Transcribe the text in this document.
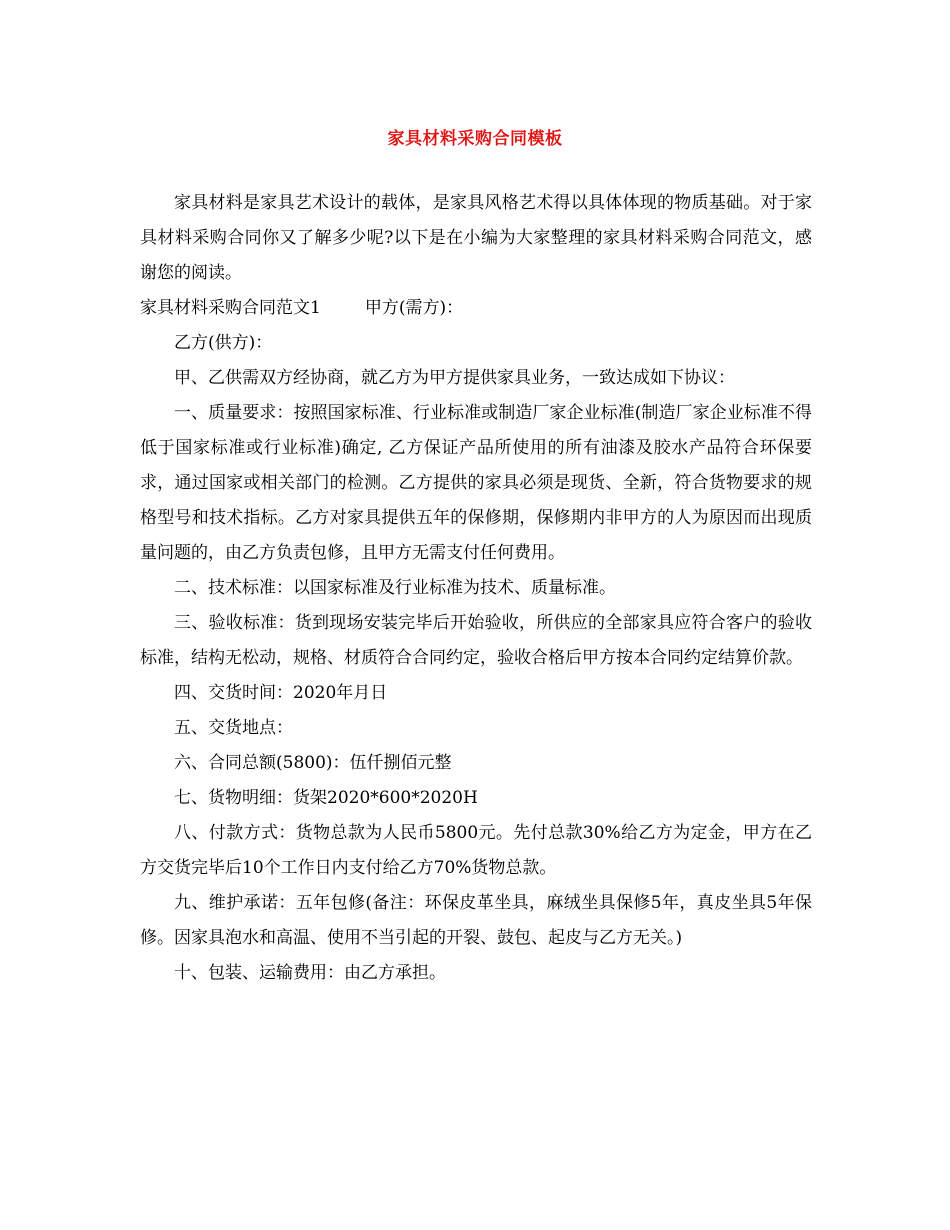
家具材料采购合同模板

家具材料是家具艺术设计的载体，是家具风格艺术得以具体体现的物质基础。对于家具材料采购合同你又了解多少呢?以下是在小编为大家整理的家具材料采购合同范文，感谢您的阅读。

家具材料采购合同范文1	甲方(需方)：

乙方(供方)：

甲、乙供需双方经协商，就乙方为甲方提供家具业务，一致达成如下协议：

一、质量要求：按照国家标准、行业标准或制造厂家企业标准(制造厂家企业标准不得低于国家标准或行业标准)确定, 乙方保证产品所使用的所有油漆及胶水产品符合环保要求，通过国家或相关部门的检测。乙方提供的家具必须是现货、全新，符合货物要求的规格型号和技术指标。乙方对家具提供五年的保修期，保修期内非甲方的人为原因而出现质量问题的，由乙方负责包修，且甲方无需支付任何费用。

二、技术标准：以国家标准及行业标准为技术、质量标准。

三、验收标准：货到现场安装完毕后开始验收，所供应的全部家具应符合客户的验收标准，结构无松动，规格、材质符合合同约定，验收合格后甲方按本合同约定结算价款。

四、交货时间：2020年月日

五、交货地点：

六、合同总额(5800)：伍仟捌佰元整

七、货物明细：货架2020*600*2020H

八、付款方式：货物总款为人民币5800元。先付总款30%给乙方为定金，甲方在乙方交货完毕后10个工作日内支付给乙方70%货物总款。

九、维护承诺：五年包修(备注：环保皮革坐具，麻绒坐具保修5年，真皮坐具5年保修。因家具泡水和高温、使用不当引起的开裂、鼓包、起皮与乙方无关。)

十、包装、运输费用：由乙方承担。
